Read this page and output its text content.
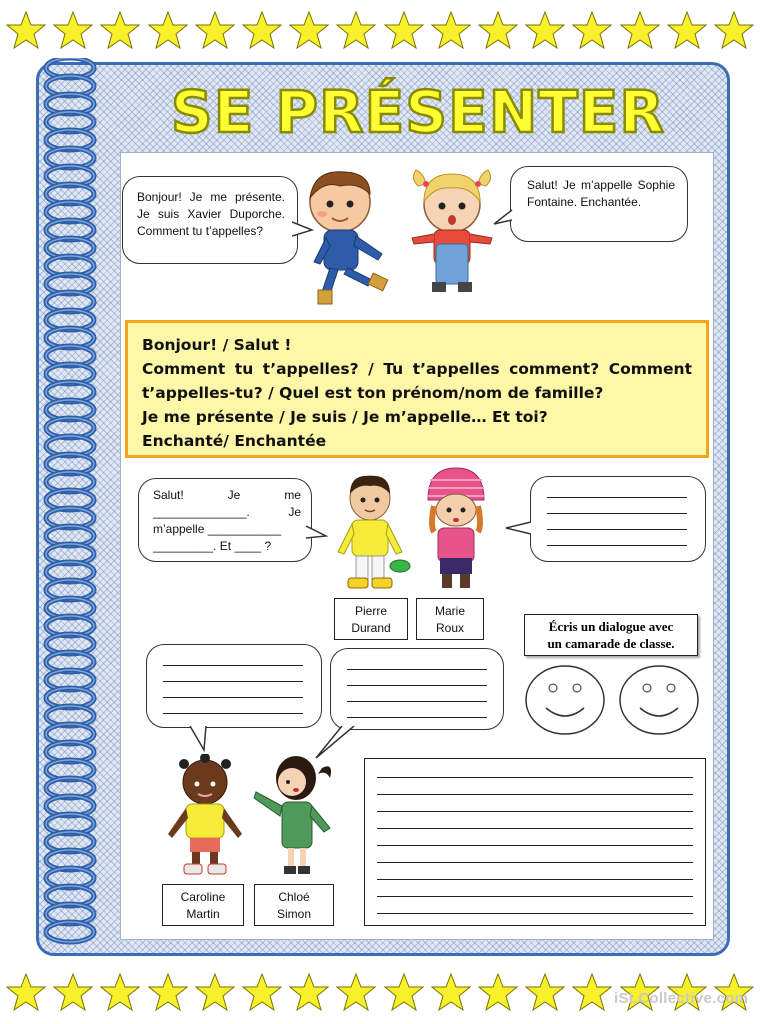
SE PRÉSENTER
Bonjour! Je me présente. Je suis Xavier Duporche. Comment tu t’appelles?
Salut! Je m’appelle Sophie Fontaine. Enchantée.
Bonjour! / Salut !
Comment tu t’appelles? / Tu t’appelles comment? Comment t’appelles-tu? / Quel est ton prénom/nom de famille?
Je me présente / Je suis / Je m’appelle… Et toi?
Enchanté/ Enchantée
Salut!	Je	me
______________.	Je
m’appelle ___________
_________. Et ____ ?
Pierre
Durand
Marie
Roux	Écris un dialogue avec
un camarade de classe.
Caroline
Martin
Chloé
Simon
iSLCollective.com
